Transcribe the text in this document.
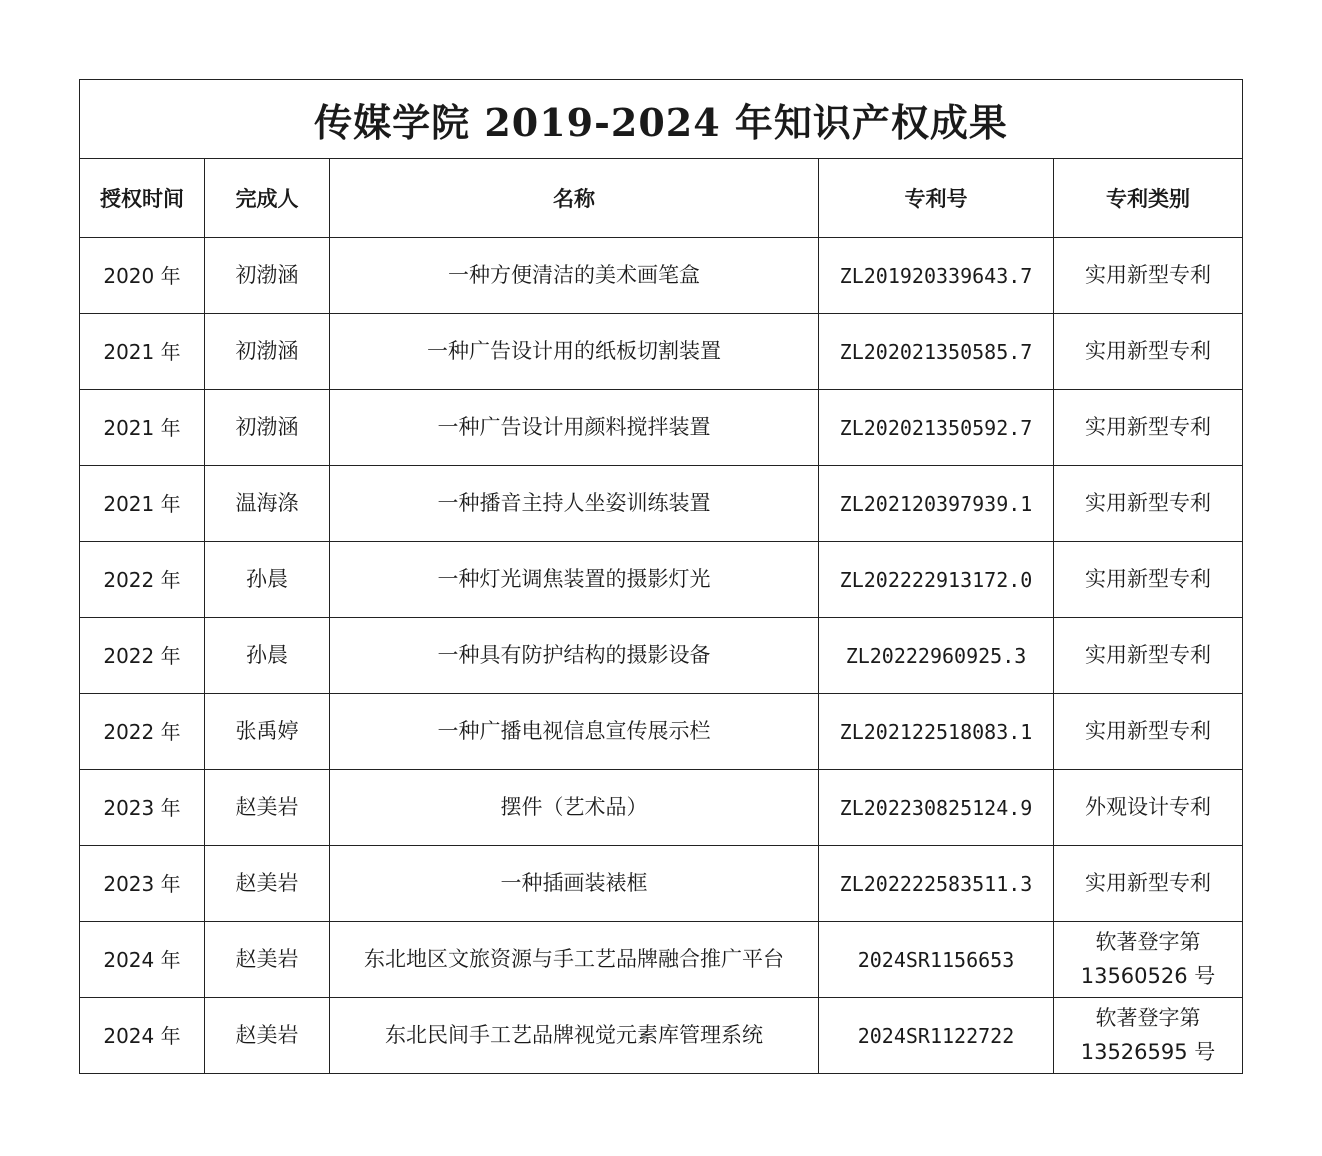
传媒学院 2019-2024 年知识产权成果				
授权时间	完成人	名称	专利号	专利类别
2020 年	初渤涵	一种方便清洁的美术画笔盒	ZL201920339643.7	实用新型专利
2021 年	初渤涵	一种广告设计用的纸板切割装置	ZL202021350585.7	实用新型专利
2021 年	初渤涵	一种广告设计用颜料搅拌装置	ZL202021350592.7	实用新型专利
2021 年	温海涤	一种播音主持人坐姿训练装置	ZL202120397939.1	实用新型专利
2022 年	孙晨	一种灯光调焦装置的摄影灯光	ZL202222913172.0	实用新型专利
2022 年	孙晨	一种具有防护结构的摄影设备	ZL20222960925.3	实用新型专利
2022 年	张禹婷	一种广播电视信息宣传展示栏	ZL202122518083.1	实用新型专利
2023 年	赵美岩	摆件（艺术品）	ZL202230825124.9	外观设计专利
2023 年	赵美岩	一种插画装裱框	ZL202222583511.3	实用新型专利
2024 年	赵美岩	东北地区文旅资源与手工艺品牌融合推广平台	2024SR1156653	软著登字第
13560526 号
2024 年	赵美岩	东北民间手工艺品牌视觉元素库管理系统	2024SR1122722	软著登字第
13526595 号
